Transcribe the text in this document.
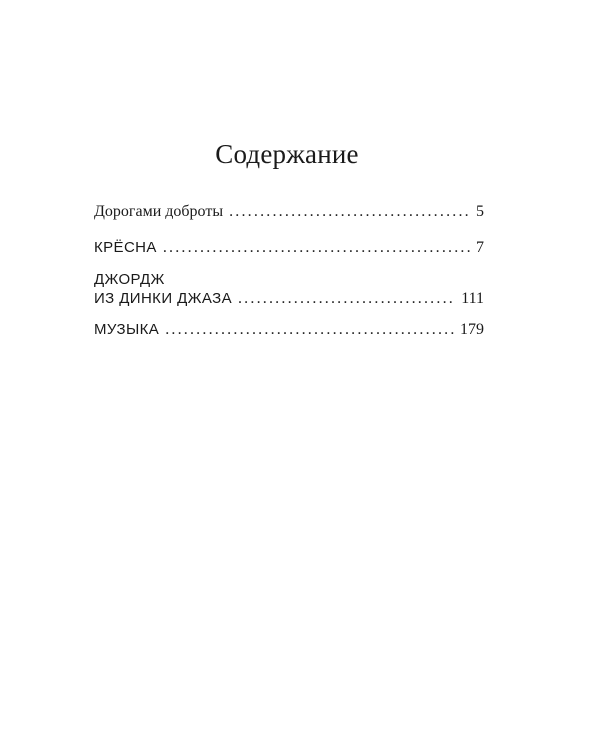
Содержание
Дорогами доброты .....	5
КРЁСНА .....	7
ДЖОРДЖ
ИЗ ДИНКИ ДЖАЗА .....	111
МУЗЫКА .....	179
